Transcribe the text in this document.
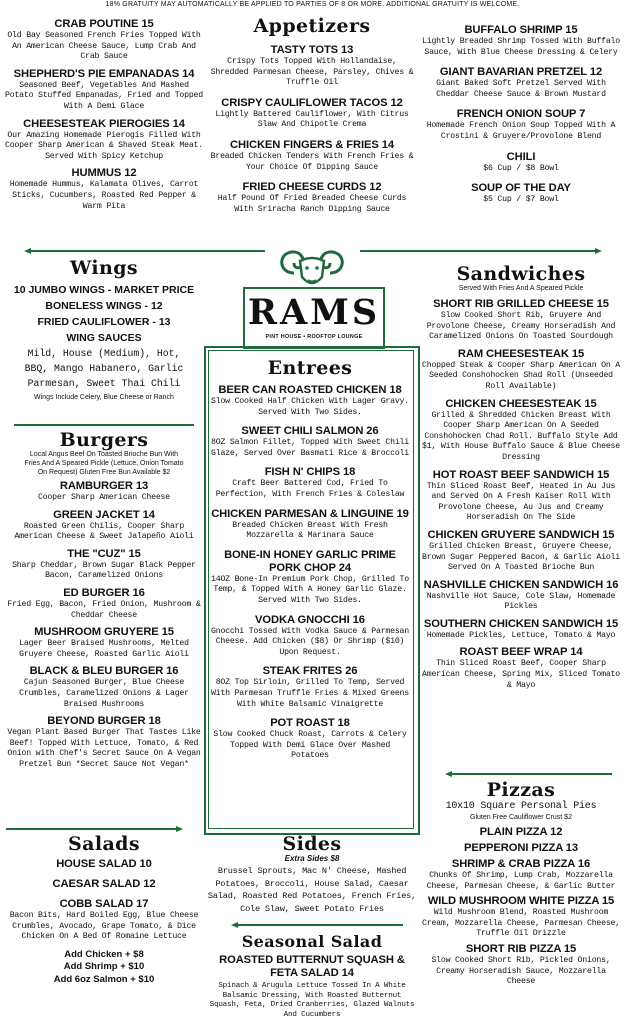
18% GRATUITY MAY AUTOMATICALLY BE APPLIED TO PARTIES OF 8 OR MORE. ADDITIONAL GRATUITY IS WELCOME.
CRAB POUTINE 15
Old Bay Seasoned French Fries Topped With An American Cheese Sauce, Lump Crab And Crab Sauce
SHEPHERD'S PIE EMPANADAS 14
Seasoned Beef, Vegetables And Mashed Potato Stuffed Empanadas, Fried and Topped With A Demi Glace
CHEESESTEAK PIEROGIES 14
Our Amazing Homemade Pierogis Filled With Cooper Sharp American & Shaved Steak Meat. Served With Spicy Ketchup
HUMMUS 12
Homemade Hummus, Kalamata Olives, Carrot Sticks, Cucumbers, Roasted Red Pepper & Warm Pita
Appetizers
TASTY TOTS 13
Crispy Tots Topped With Hollandaise, Shredded Parmesan Cheese, Parsley, Chives & Truffle Oil
CRISPY CAULIFLOWER TACOS 12
Lightly Battered Cauliflower, With Citrus Slaw And Chipotle Crema
CHICKEN FINGERS & FRIES 14
Breaded Chicken Tenders With French Fries & Your Choice Of Dipping Sauce
FRIED CHEESE CURDS 12
Half Pound Of Fried Breaded Cheese Curds With Sriracha Ranch Dipping Sauce
BUFFALO SHRIMP 15
Lightly Breaded Shrimp Tossed With Buffalo Sauce, With Blue Cheese Dressing & Celery
GIANT BAVARIAN PRETZEL 12
Giant Baked Soft Pretzel Served With Cheddar Cheese Sauce & Brown Mustard
FRENCH ONION SOUP 7
Homemade French Onion Soup Topped With A Crostini & Gruyere/Provolone Blend
CHILI
$6 Cup / $8 Bowl
SOUP OF THE DAY
$5 Cup / $7 Bowl
RAMS
PINT HOUSE • ROOFTOP LOUNGE
Wings
10 JUMBO WINGS - MARKET PRICE
BONELESS WINGS - 12
FRIED CAULIFLOWER - 13
WING SAUCES
Mild, House (Medium), Hot, BBQ, Mango Habanero, Garlic Parmesan, Sweet Thai Chili
Wings Include Celery, Blue Cheese or Ranch
Burgers
Local Angus Beef On Toasted Brioche Bun With Fries And A Speared Pickle (Lettuce, Onion Tomato On Request) Gluten Free Bun Available $2
RAMBURGER 13
Cooper Sharp American Cheese
GREEN JACKET 14
Roasted Green Chilis, Cooper Sharp American Cheese & Sweet Jalapeño Aioli
THE "CUZ" 15
Sharp Cheddar, Brown Sugar Black Pepper Bacon, Caramelized Onions
ED BURGER 16
Fried Egg, Bacon, Fried Onion, Mushroom & Cheddar Cheese
MUSHROOM GRUYERE 15
Lager Beer Braised Mushrooms, Melted Gruyere Cheese, Roasted Garlic Aioli
BLACK & BLEU BURGER 16
Cajun Seasoned Burger, Blue Cheese Crumbles, Caramelized Onions & Lager Braised Mushrooms
BEYOND BURGER 18
Vegan Plant Based Burger That Tastes Like Beef! Topped With Lettuce, Tomato, & Red Onion with Chef's Secret Sauce On A Vegan Pretzel Bun *Secret Sauce Not Vegan*
Entrees
BEER CAN ROASTED CHICKEN 18
Slow Cooked Half Chicken With Lager Gravy. Served With Two Sides.
SWEET CHILI SALMON 26
8OZ Salmon Fillet, Topped With Sweet Chili Glaze, Served Over Basmati Rice & Broccoli
FISH N' CHIPS 18
Craft Beer Battered Cod, Fried To Perfection, With French Fries & Coleslaw
CHICKEN PARMESAN & LINGUINE 19
Breaded Chicken Breast With Fresh Mozzarella & Marinara Sauce
BONE-IN HONEY GARLIC PRIME PORK CHOP 24
14OZ Bone-In Premium Pork Chop, Grilled To Temp, & Topped With A Honey Garlic Glaze. Served With Two Sides.
VODKA GNOCCHI 16
Gnocchi Tossed With Vodka Sauce & Parmesan Cheese. Add Chicken ($8) Or Shrimp ($10) Upon Request.
STEAK FRITES 26
8OZ Top Sirloin, Grilled To Temp, Served With Parmesan Truffle Fries & Mixed Greens With White Balsamic Vinaigrette
POT ROAST 18
Slow Cooked Chuck Roast, Carrots & Celery Topped With Demi Glace Over Mashed Potatoes
Sandwiches
Served With Fries And A Speared Pickle
SHORT RIB GRILLED CHEESE 15
Slow Cooked Short Rib, Gruyere And Provolone Cheese, Creamy Horseradish And Caramelized Onions On Toasted Sourdough
RAM CHEESESTEAK 15
Chopped Steak & Cooper Sharp American On A Seeded Conshohocken Shad Roll (Unseeded Roll Available)
CHICKEN CHEESESTEAK 15
Grilled & Shredded Chicken Breast With Cooper Sharp American On A Seeded Conshohocken Chad Roll. Buffalo Style Add $1, With House Buffalo Sauce & Blue Cheese Dressing
HOT ROAST BEEF SANDWICH 15
Thin Sliced Roast Beef, Heated in Au Jus and Served On A Fresh Kaiser Roll With Provolone Cheese, Au Jus and Creamy Horseradish On The Side
CHICKEN GRUYERE SANDWICH 15
Grilled Chicken Breast, Gruyere Cheese, Brown Sugar Peppered Bacon, & Garlic Aioli Served On A Toasted Brioche Bun
NASHVILLE CHICKEN SANDWICH 16
Nashville Hot Sauce, Cole Slaw, Homemade Pickles
SOUTHERN CHICKEN SANDWICH 15
Homemade Pickles, Lettuce, Tomato & Mayo
ROAST BEEF WRAP 14
Thin Sliced Roast Beef, Cooper Sharp American Cheese, Spring Mix, Sliced Tomato & Mayo
Pizzas
10x10 Square Personal Pies
Gluten Free Cauliflower Crust $2
PLAIN PIZZA 12
PEPPERONI PIZZA 13
SHRIMP & CRAB PIZZA 16
Chunks Of Shrimp, Lump Crab, Mozzarella Cheese, Parmesan Cheese, & Garlic Butter
WILD MUSHROOM WHITE PIZZA 15
Wild Mushroom Blend, Roasted Mushroom Cream, Mozzarella Cheese, Parmesan Cheese, Truffle Oil Drizzle
SHORT RIB PIZZA 15
Slow Cooked Short Rib, Pickled Onions, Creamy Horseradish Sauce, Mozzarella Cheese
Salads
HOUSE SALAD 10
CAESAR SALAD 12
COBB SALAD 17
Bacon Bits, Hard Boiled Egg, Blue Cheese Crumbles, Avocado, Grape Tomato, & Dice Chicken On A Bed Of Romaine Lettuce
Add Chicken + $8
Add Shrimp + $10
Add 6oz Salmon + $10
Sides
Extra Sides $8
Brussel Sprouts, Mac N' Cheese, Mashed Potatoes, Broccoli, House Salad, Caesar Salad, Roasted Red Potatoes, French Fries, Cole Slaw, Sweet Potato Fries
Seasonal Salad
ROASTED BUTTERNUT SQUASH & FETA SALAD 14
Spinach & Arugula Lettuce Tossed In A White Balsamic Dressing, With Roasted Butternut Squash, Feta, Dried Cranberries, Glazed Walnuts And Cucumbers
